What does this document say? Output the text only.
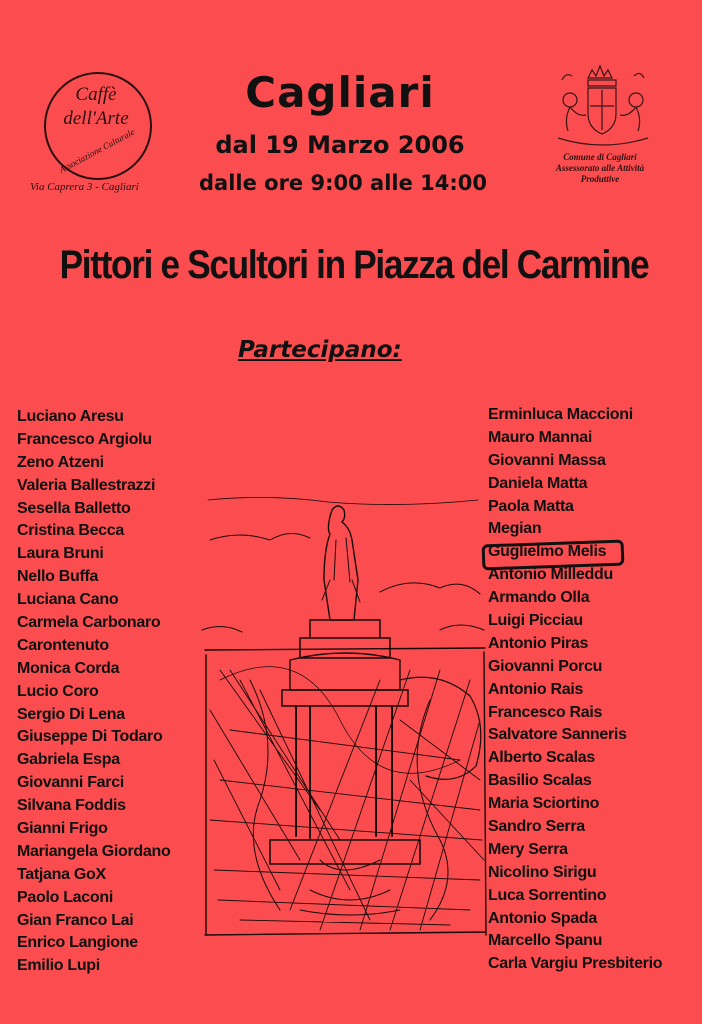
Caffè
dell'Arte
Associazione Culturale
Via Caprera 3 - Cagliari
Cagliari
dal 19 Marzo 2006
dalle ore 9:00 alle 14:00
Comune di Cagliari
Assessorato alle Attività
Produttive
Pittori e Scultori in Piazza del Carmine
Partecipano:
Luciano Aresu
Francesco Argiolu
Zeno Atzeni
Valeria Ballestrazzi
Sesella Balletto
Cristina Becca
Laura Bruni
Nello Buffa
Luciana Cano
Carmela Carbonaro
Carontenuto
Monica Corda
Lucio Coro
Sergio Di Lena
Giuseppe Di Todaro
Gabriela Espa
Giovanni Farci
Silvana Foddis
Gianni Frigo
Mariangela Giordano
Tatjana GoX
Paolo Laconi
Gian Franco Lai
Enrico Langione
Emilio Lupi
Erminluca Maccioni
Mauro Mannai
Giovanni Massa
Daniela Matta
Paola Matta
Megian
Guglielmo Melis
Antonio Milleddu
Armando Olla
Luigi Picciau
Antonio Piras
Giovanni Porcu
Antonio Rais
Francesco Rais
Salvatore Sanneris
Alberto Scalas
Basilio Scalas
Maria Sciortino
Sandro Serra
Mery Serra
Nicolino Sirigu
Luca Sorrentino
Antonio Spada
Marcello Spanu
Carla Vargiu Presbiterio
